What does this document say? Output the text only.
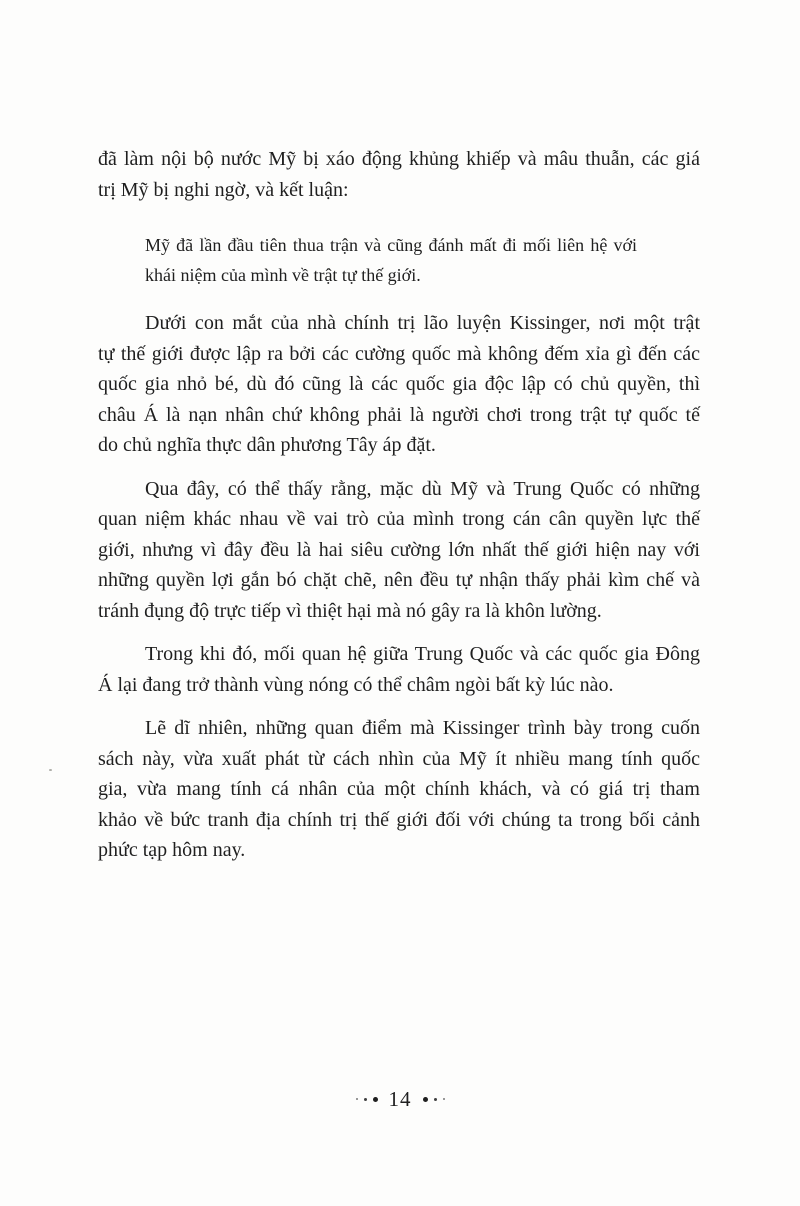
đã làm nội bộ nước Mỹ bị xáo động khủng khiếp và mâu thuẫn, các giá
trị Mỹ bị nghi ngờ, và kết luận:
Mỹ đã lần đầu tiên thua trận và cũng đánh mất đi mối liên hệ với
khái niệm của mình về trật tự thế giới.
Dưới con mắt của nhà chính trị lão luyện Kissinger, nơi một trật
tự thế giới được lập ra bởi các cường quốc mà không đếm xỉa gì đến các
quốc gia nhỏ bé, dù đó cũng là các quốc gia độc lập có chủ quyền, thì
châu Á là nạn nhân chứ không phải là người chơi trong trật tự quốc tế
do chủ nghĩa thực dân phương Tây áp đặt.
Qua đây, có thể thấy rằng, mặc dù Mỹ và Trung Quốc có những
quan niệm khác nhau về vai trò của mình trong cán cân quyền lực thế
giới, nhưng vì đây đều là hai siêu cường lớn nhất thế giới hiện nay với
những quyền lợi gắn bó chặt chẽ, nên đều tự nhận thấy phải kìm chế và
tránh đụng độ trực tiếp vì thiệt hại mà nó gây ra là khôn lường.
Trong khi đó, mối quan hệ giữa Trung Quốc và các quốc gia Đông
Á lại đang trở thành vùng nóng có thể châm ngòi bất kỳ lúc nào.
Lẽ dĩ nhiên, những quan điểm mà Kissinger trình bày trong cuốn
sách này, vừa xuất phát từ cách nhìn của Mỹ ít nhiều mang tính quốc
gia, vừa mang tính cá nhân của một chính khách, và có giá trị tham
khảo về bức tranh địa chính trị thế giới đối với chúng ta trong bối cảnh
phức tạp hôm nay.
14
